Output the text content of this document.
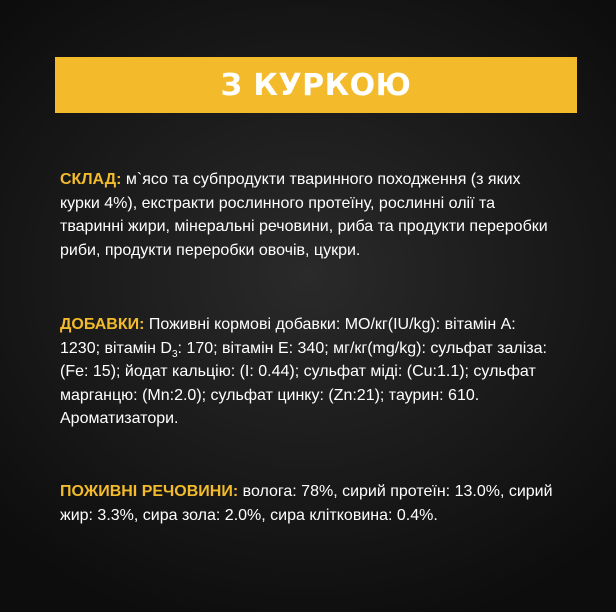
З КУРКОЮ
СКЛАД: м`ясо та субпродукти тваринного походження (з яких курки 4%), екстракти рослинного протеїну, рослинні олії та тваринні жири, мінеральні речовини, риба та продукти переробки риби, продукти переробки овочів, цукри.
ДОБАВКИ: Поживні кормові добавки: МО/кг(IU/kg): вітамін А: 1230; вітамін $D_3$: 170; вітамін Е: 340; мг/кг(mg/kg): сульфат заліза: (Fe: 15); йодат кальцію: (I: 0.44); сульфат міді: (Cu:1.1); сульфат марганцю: (Mn:2.0); сульфат цинку: (Zn:21); таурин: 610. Ароматизатори.
ПОЖИВНІ РЕЧОВИНИ: волога: 78%, сирий протеїн: 13.0%, сирий жир: 3.3%, сира зола: 2.0%, сира клітковина: 0.4%.
